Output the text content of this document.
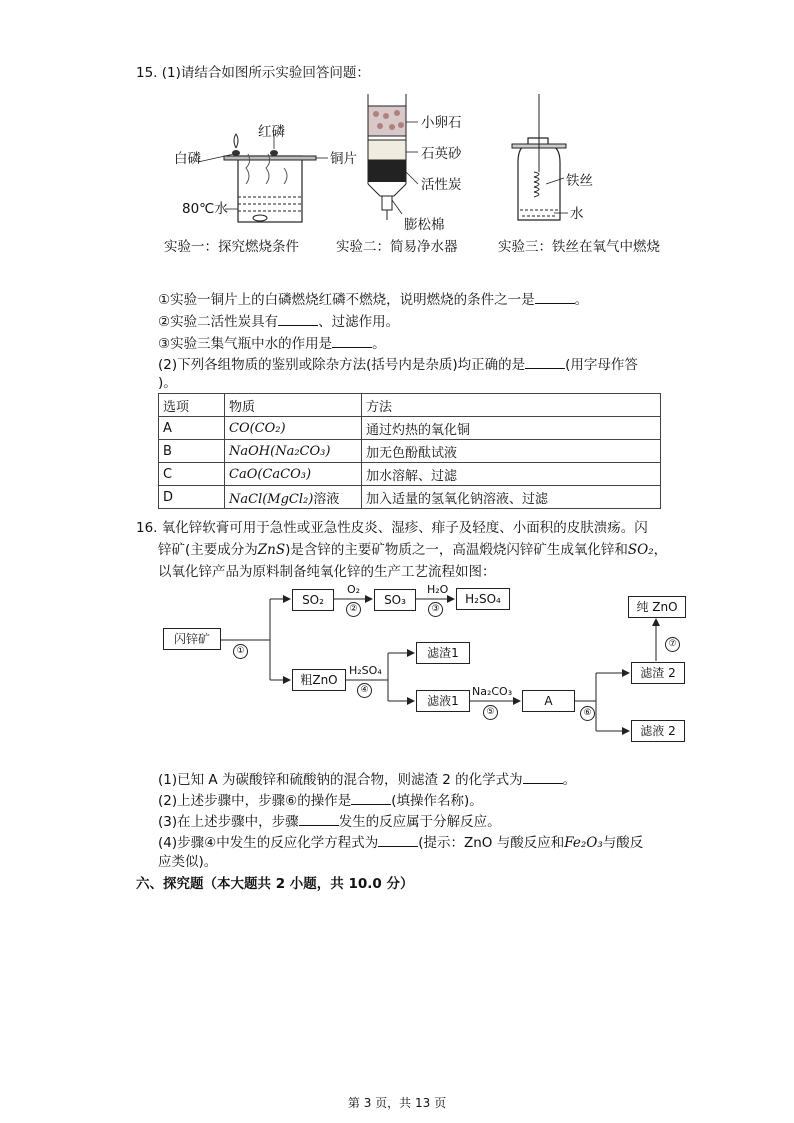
15. (1)请结合如图所示实验回答问题：
红磷
白磷	铜片
80℃水
小卵石
石英砂
活性炭
膨松棉
铁丝
水
实验一：探究燃烧条件	实验二：简易净水器	实验三：铁丝在氧气中燃烧
①实验一铜片上的白磷燃烧红磷不燃烧，说明燃烧的条件之一是	。
②实验二活性炭具有	、过滤作用。
③实验三集气瓶中水的作用是	。
(2)下列各组物质的鉴别或除杂方法(括号内是杂质)均正确的是	(用字母作答
)。
选项	物质	方法
A	CO(CO₂)	通过灼热的氧化铜
B	NaOH(Na₂CO₃)	加无色酚酞试液
C	CaO(CaCO₃)	加水溶解、过滤
D	NaCl(MgCl₂)溶液	加入适量的氢氧化钠溶液、过滤
16. 氧化锌软膏可用于急性或亚急性皮炎、湿疹、痱子及轻度、小面积的皮肤溃疡。闪
锌矿(主要成分为ZnS)是含锌的主要矿物质之一，高温煅烧闪锌矿生成氧化锌和SO₂，
以氧化锌产品为原料制备纯氧化锌的生产工艺流程如图：
闪锌矿
SO₂	SO₃	H₂SO₄
粗ZnO
滤渣1
滤液1	A
滤渣 2
滤液 2
纯 ZnO
O₂	H₂O
H₂SO₄
Na₂CO₃
①
②	③
④
⑤	⑥
⑦
(1)已知 A 为碳酸锌和硫酸钠的混合物，则滤渣 2 的化学式为	。
(2)上述步骤中，步骤⑥的操作是	(填操作名称)。
(3)在上述步骤中，步骤	发生的反应属于分解反应。
(4)步骤④中发生的反应化学方程式为	(提示：ZnO 与酸反应和Fe₂O₃与酸反
应类似)。
六、探究题（本大题共 2 小题，共 10.0 分）
第 3 页，共 13 页
